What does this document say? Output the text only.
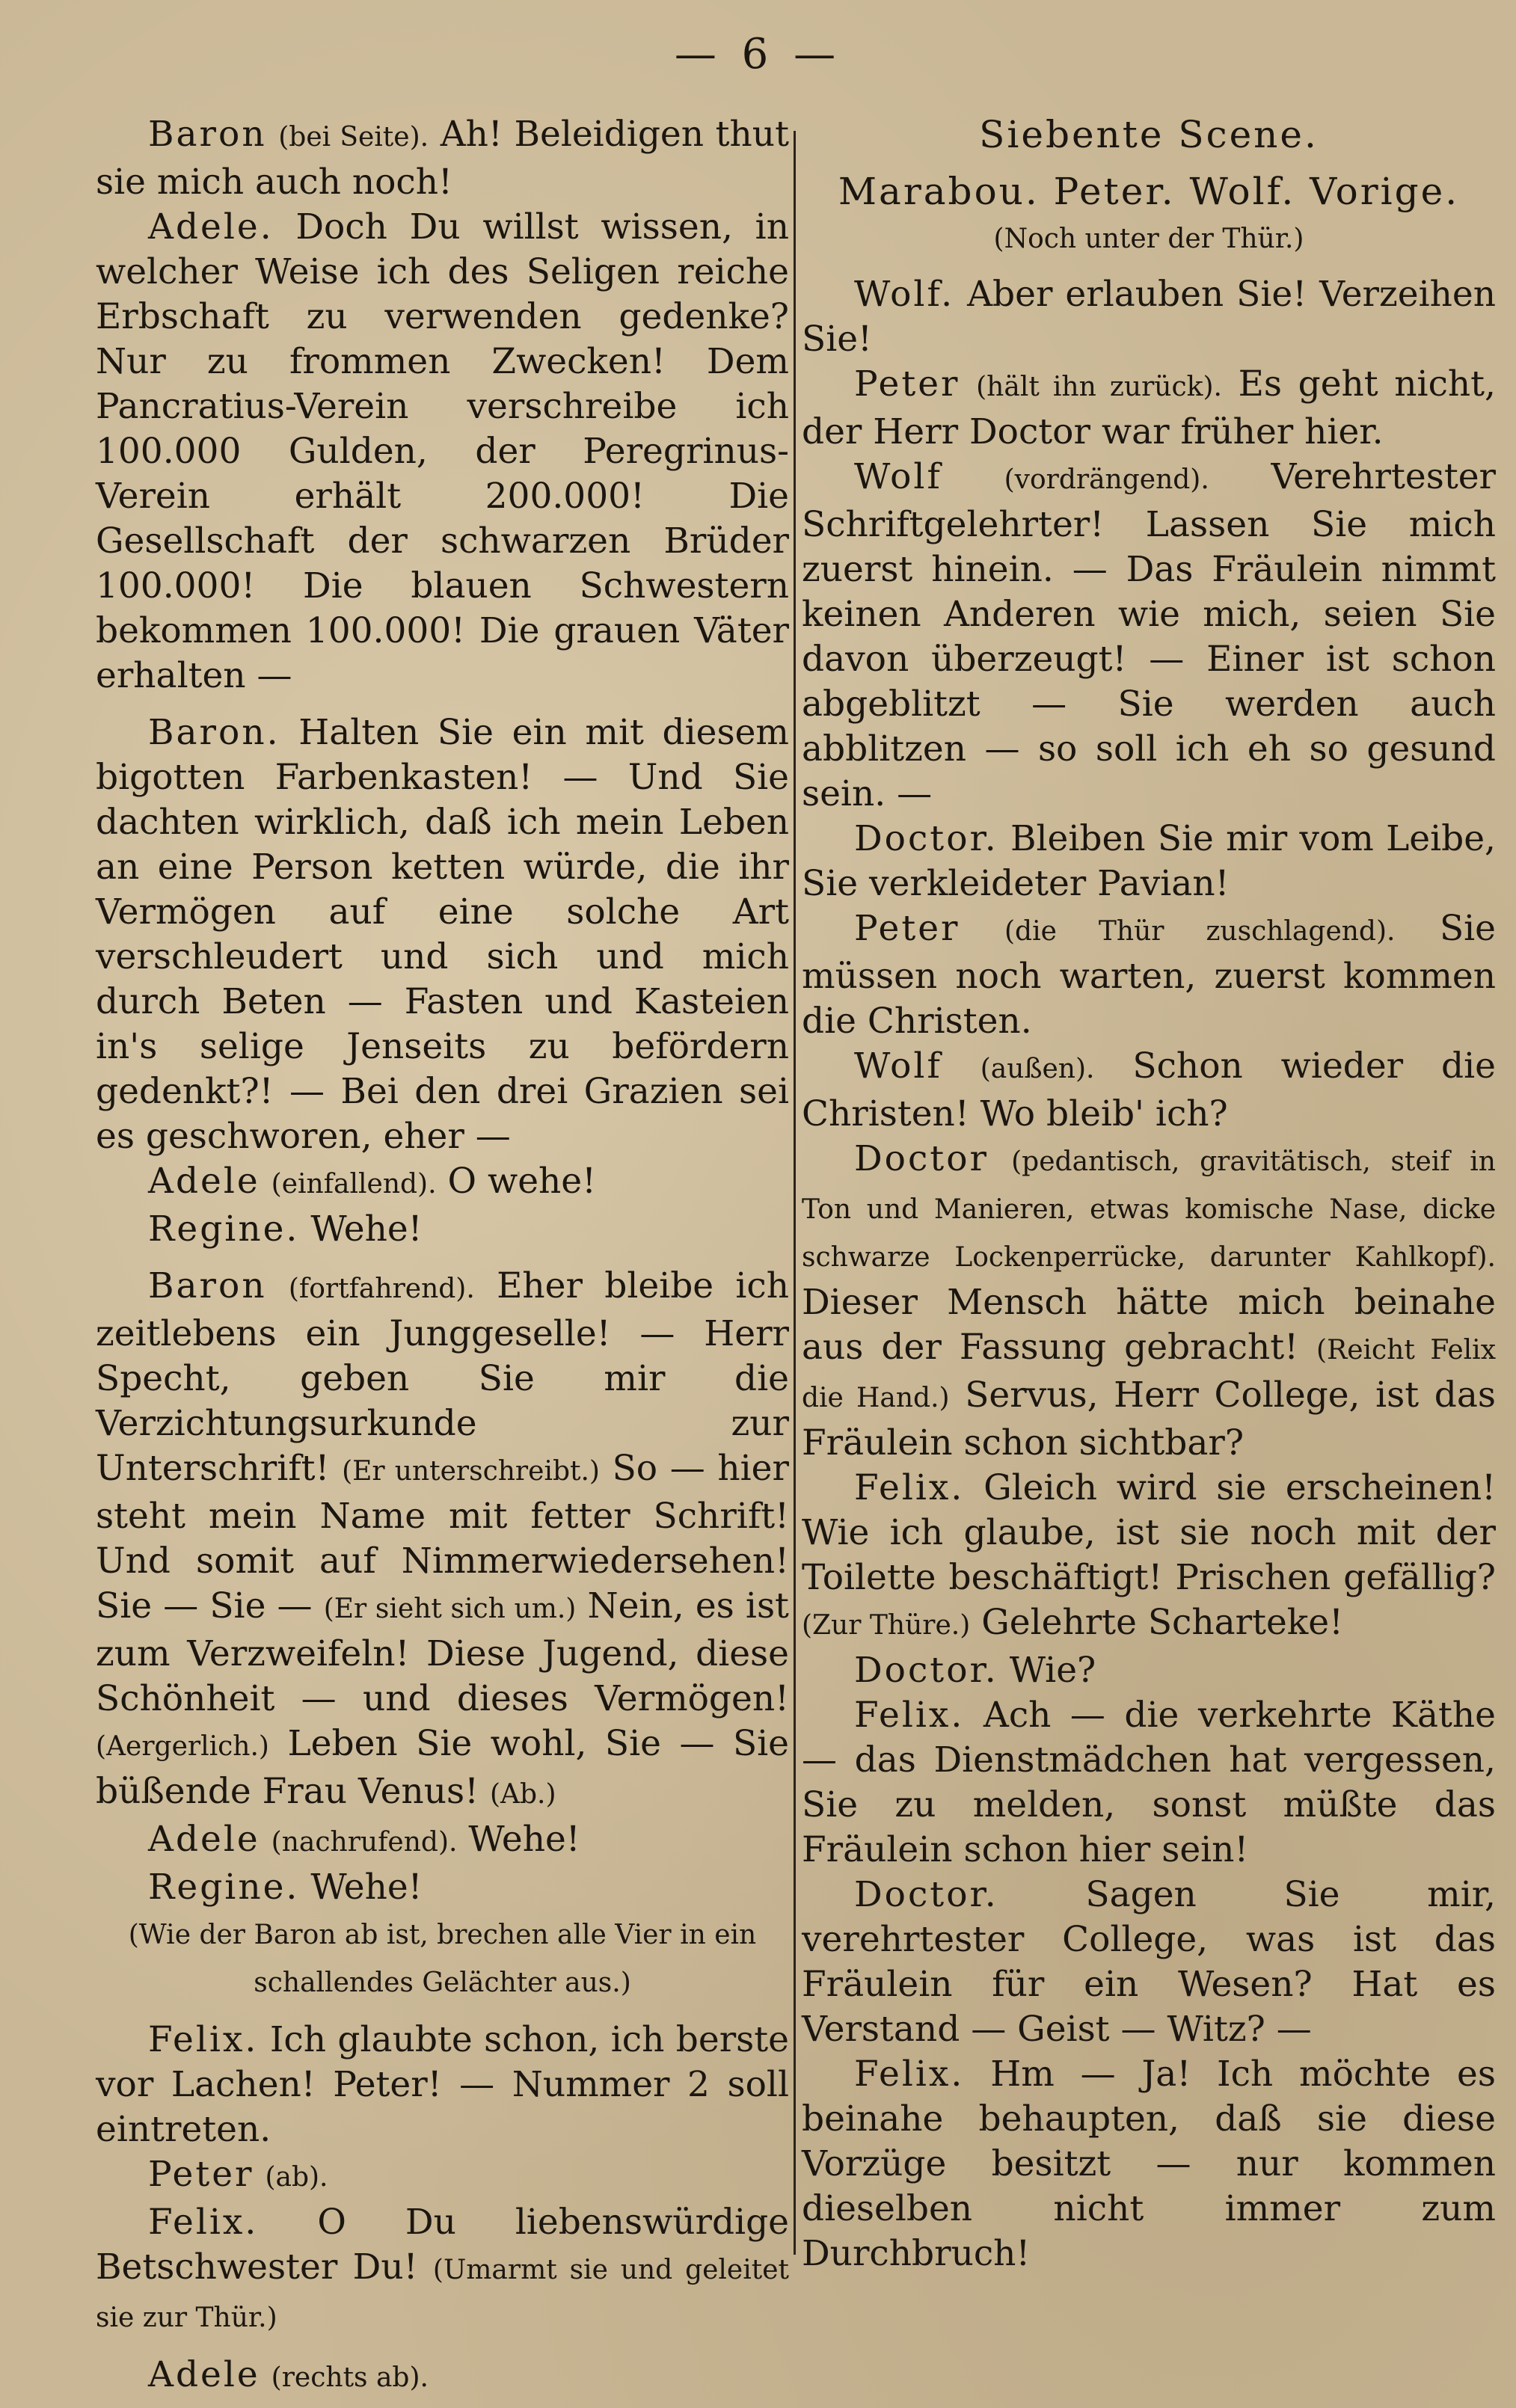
— 6 —

Baron (bei Seite). Ah! Beleidigen thut sie mich auch noch!

Adele. Doch Du willst wissen, in welcher Weise ich des Seligen reiche Erbschaft zu verwenden gedenke? Nur zu frommen Zwecken! Dem Pancratius-Verein verschreibe ich 100.000 Gulden, der Peregrinus-Verein erhält 200.000! Die Gesellschaft der schwarzen Brüder 100.000! Die blauen Schwestern bekommen 100.000! Die grauen Väter erhalten —

Baron. Halten Sie ein mit diesem bigotten Farbenkasten! — Und Sie dachten wirklich, daß ich mein Leben an eine Person ketten würde, die ihr Vermögen auf eine solche Art verschleudert und sich und mich durch Beten — Fasten und Kasteien in's selige Jenseits zu befördern gedenkt?! — Bei den drei Grazien sei es geschworen, eher —

Adele (einfallend). O wehe!

Regine. Wehe!

Baron (fortfahrend). Eher bleibe ich zeitlebens ein Junggeselle! — Herr Specht, geben Sie mir die Verzichtungsurkunde zur Unterschrift! (Er unterschreibt.) So — hier steht mein Name mit fetter Schrift! Und somit auf Nimmerwiedersehen! Sie — Sie — (Er sieht sich um.) Nein, es ist zum Verzweifeln! Diese Jugend, diese Schönheit — und dieses Vermögen! (Aergerlich.) Leben Sie wohl, Sie — Sie büßende Frau Venus! (Ab.)

Adele (nachrufend). Wehe!

Regine. Wehe!

(Wie der Baron ab ist, brechen alle Vier in ein schallendes Gelächter aus.)

Felix. Ich glaubte schon, ich berste vor Lachen! Peter! — Nummer 2 soll eintreten.

Peter (ab).

Felix. O Du liebenswürdige Betschwester Du! (Umarmt sie und geleitet sie zur Thür.)

Adele (rechts ab).

Siebente Scene.

Marabou. Peter. Wolf. Vorige.

(Noch unter der Thür.)

Wolf. Aber erlauben Sie! Verzeihen Sie!

Peter (hält ihn zurück). Es geht nicht, der Herr Doctor war früher hier.

Wolf (vordrängend). Verehrtester Schriftgelehrter! Lassen Sie mich zuerst hinein. — Das Fräulein nimmt keinen Anderen wie mich, seien Sie davon überzeugt! — Einer ist schon abgeblitzt — Sie werden auch abblitzen — so soll ich eh so gesund sein. —

Doctor. Bleiben Sie mir vom Leibe, Sie verkleideter Pavian!

Peter (die Thür zuschlagend). Sie müssen noch warten, zuerst kommen die Christen.

Wolf (außen). Schon wieder die Christen! Wo bleib' ich?

Doctor (pedantisch, gravitätisch, steif in Ton und Manieren, etwas komische Nase, dicke schwarze Lockenperrücke, darunter Kahlkopf). Dieser Mensch hätte mich beinahe aus der Fassung gebracht! (Reicht Felix die Hand.) Servus, Herr College, ist das Fräulein schon sichtbar?

Felix. Gleich wird sie erscheinen! Wie ich glaube, ist sie noch mit der Toilette beschäftigt! Prischen gefällig? (Zur Thüre.) Gelehrte Scharteke!

Doctor. Wie?

Felix. Ach — die verkehrte Käthe — das Dienstmädchen hat vergessen, Sie zu melden, sonst müßte das Fräulein schon hier sein!

Doctor. Sagen Sie mir, verehrtester College, was ist das Fräulein für ein Wesen? Hat es Verstand — Geist — Witz? —

Felix. Hm — Ja! Ich möchte es beinahe behaupten, daß sie diese Vorzüge besitzt — nur kommen dieselben nicht immer zum Durchbruch!
